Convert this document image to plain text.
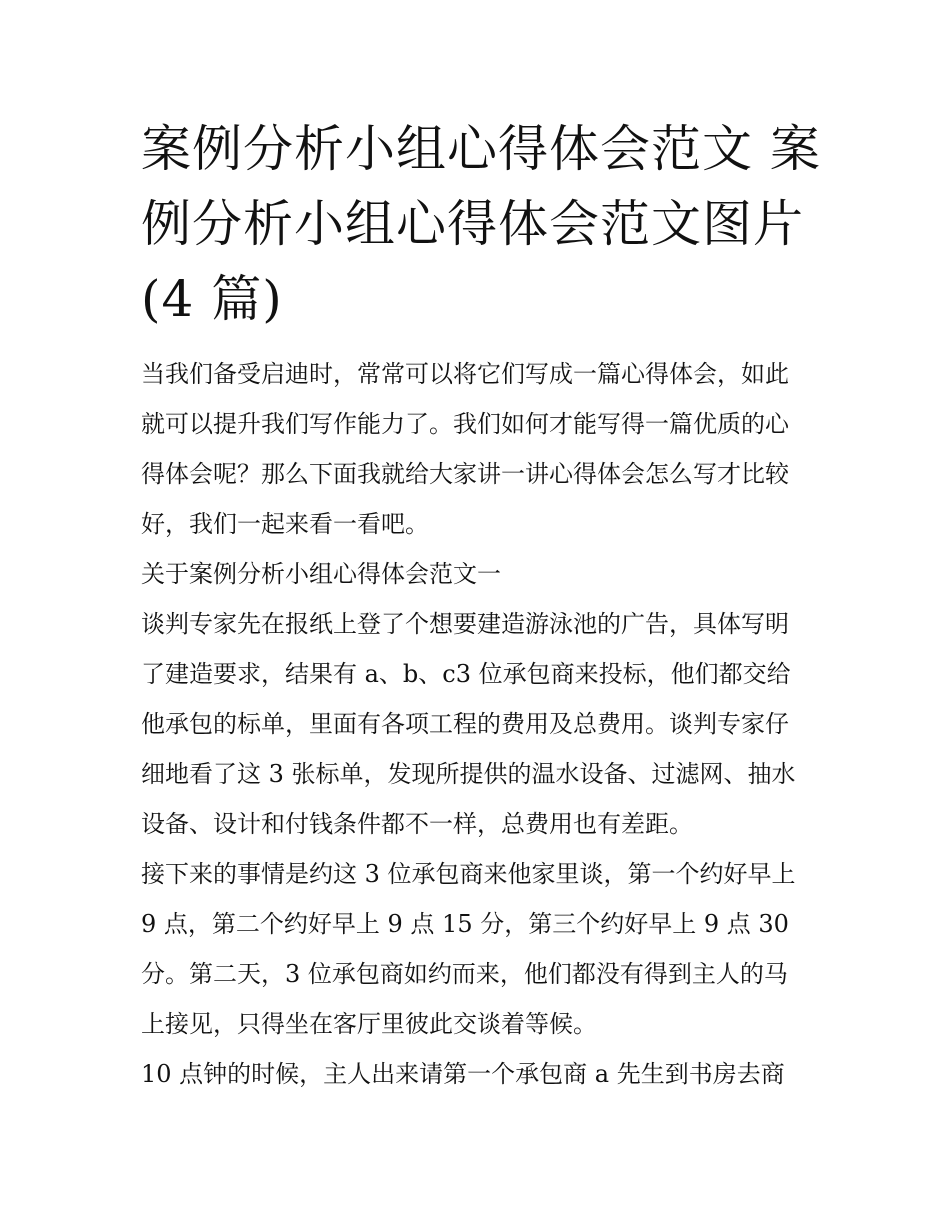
案例分析小组心得体会范文 案
例分析小组心得体会范文图片
(4 篇)

当我们备受启迪时，常常可以将它们写成一篇心得体会，如此
就可以提升我们写作能力了。我们如何才能写得一篇优质的心
得体会呢？那么下面我就给大家讲一讲心得体会怎么写才比较
好，我们一起来看一看吧。

关于案例分析小组心得体会范文一

谈判专家先在报纸上登了个想要建造游泳池的广告，具体写明
了建造要求，结果有 a、b、c3 位承包商来投标，他们都交给
他承包的标单，里面有各项工程的费用及总费用。谈判专家仔
细地看了这 3 张标单，发现所提供的温水设备、过滤网、抽水
设备、设计和付钱条件都不一样，总费用也有差距。

接下来的事情是约这 3 位承包商来他家里谈，第一个约好早上
9 点，第二个约好早上 9 点 15 分，第三个约好早上 9 点 30
分。第二天，3 位承包商如约而来，他们都没有得到主人的马
上接见，只得坐在客厅里彼此交谈着等候。

10 点钟的时候，主人出来请第一个承包商 a 先生到书房去商
